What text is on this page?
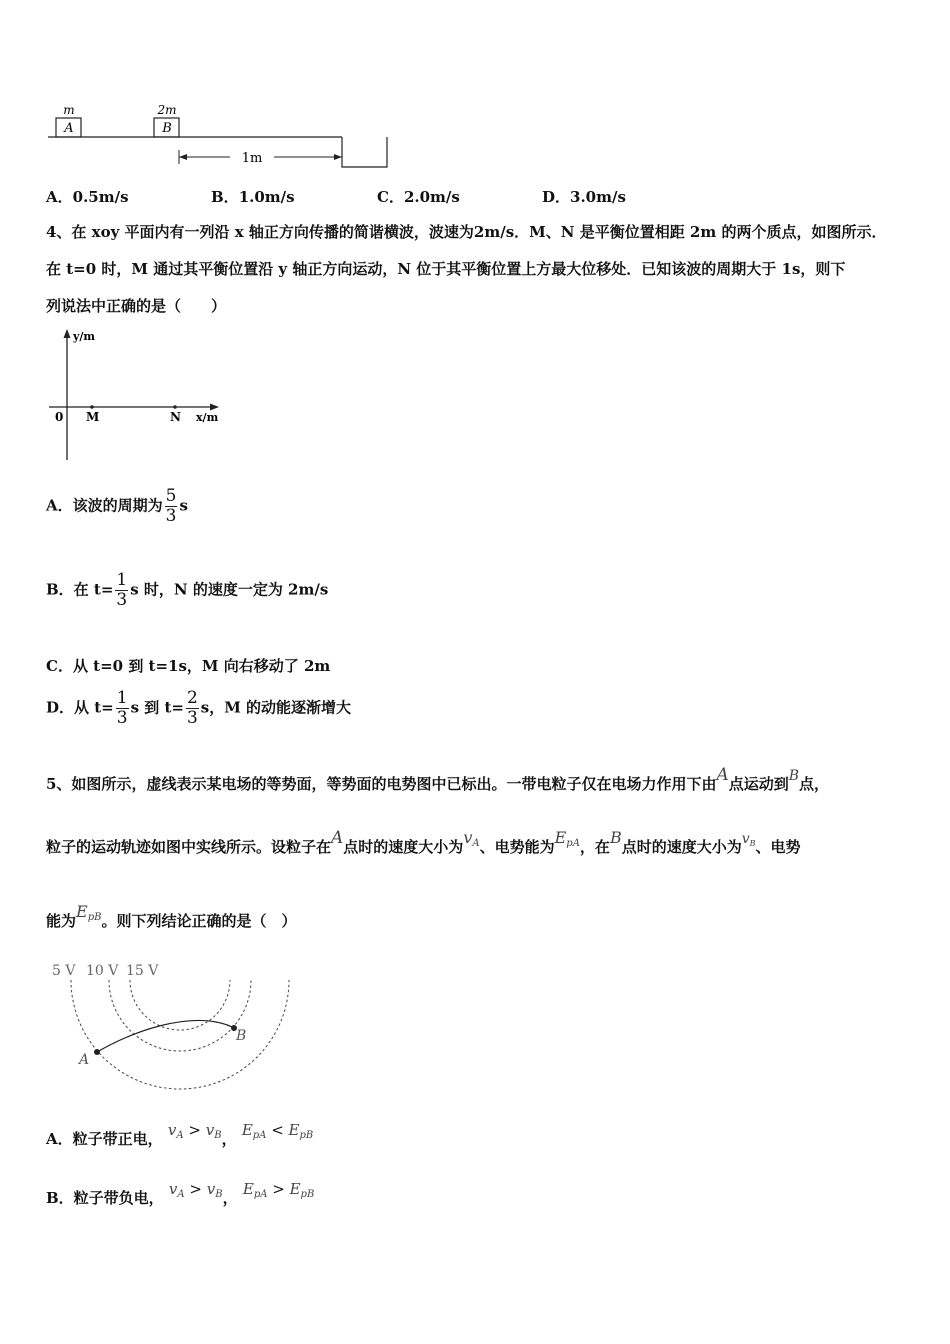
m
A
2m
B
1m
A．0.5m/s	B．1.0m/s	C．2.0m/s	D．3.0m/s
4、在 xoy 平面内有一列沿 x 轴正方向传播的简谐横波，波速为2m/s．M、N 是平衡位置相距 2m 的两个质点，如图所示．
在 t=0 时，M 通过其平衡位置沿 y 轴正方向运动，N 位于其平衡位置上方最大位移处．已知该波的周期大于 1s，则下
列说法中正确的是（　　）
y/m
0 M	N x/m
A．该波的周期为 $\frac{5}{3}$ s
B．在 $t= \frac{1}{3}$ s 时，N 的速度一定为 2m/s
C．从 t=0 到 t=1s，M 向右移动了 2m
D．从 $t= \frac{1}{3}$ s 到 $t= \frac{2}{3}$ s，M 的动能逐渐增大
5、如图所示，虚线表示某电场的等势面，等势面的电势图中已标出。一带电粒子仅在电场力作用下由A点运动到B点，
粒子的运动轨迹如图中实线所示。设粒子在A点时的速度大小为$v_A$、电势能为$E_{pA}$，在B点时的速度大小为$v_B$、电势
能为$E_{pB}$。则下列结论正确的是（　）
5 V 10 V 15 V
A
B
A．粒子带正电， $v_A > v_B$， $E_{pA} < E_{pB}$
B．粒子带负电， $v_A > v_B$， $E_{pA} > E_{pB}$
